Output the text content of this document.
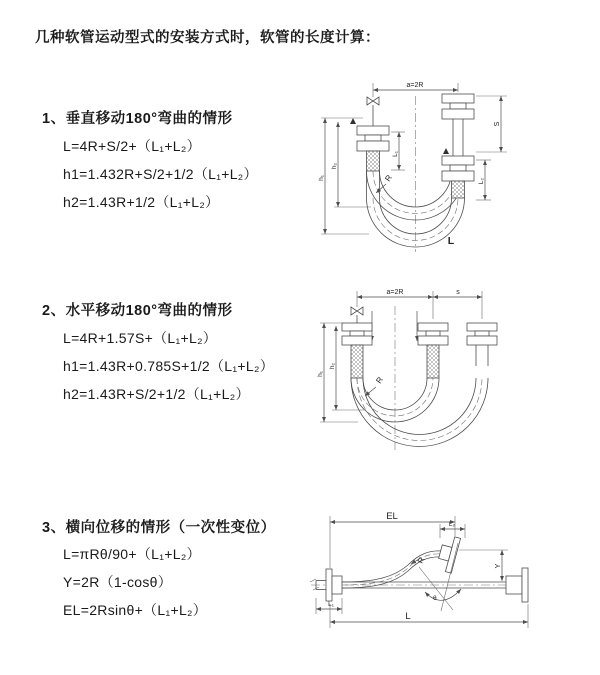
几种软管运动型式的安装方式时，软管的长度计算：
1、垂直移动180°弯曲的情形
L=4R+S/2+（L₁+L₂）
h1=1.432R+S/2+1/2（L₁+L₂）
h2=1.43R+1/2（L₁+L₂）
2、水平移动180°弯曲的情形
L=4R+1.57S+（L₁+L₂）
h1=1.43R+0.785S+1/2（L₁+L₂）
h2=1.43R+S/2+1/2（L₁+L₂）
3、横向位移的情形（一次性变位）
L=πRθ/90+（L₁+L₂）
Y=2R（1-cosθ）
EL=2Rsinθ+（L₁+L₂）
a=2R
L₁
S
L₂
h₁
h₂
R
L
a=2R	s
h₁
h₂
R
EL
L₂
θ
R
Y
L₁
L
